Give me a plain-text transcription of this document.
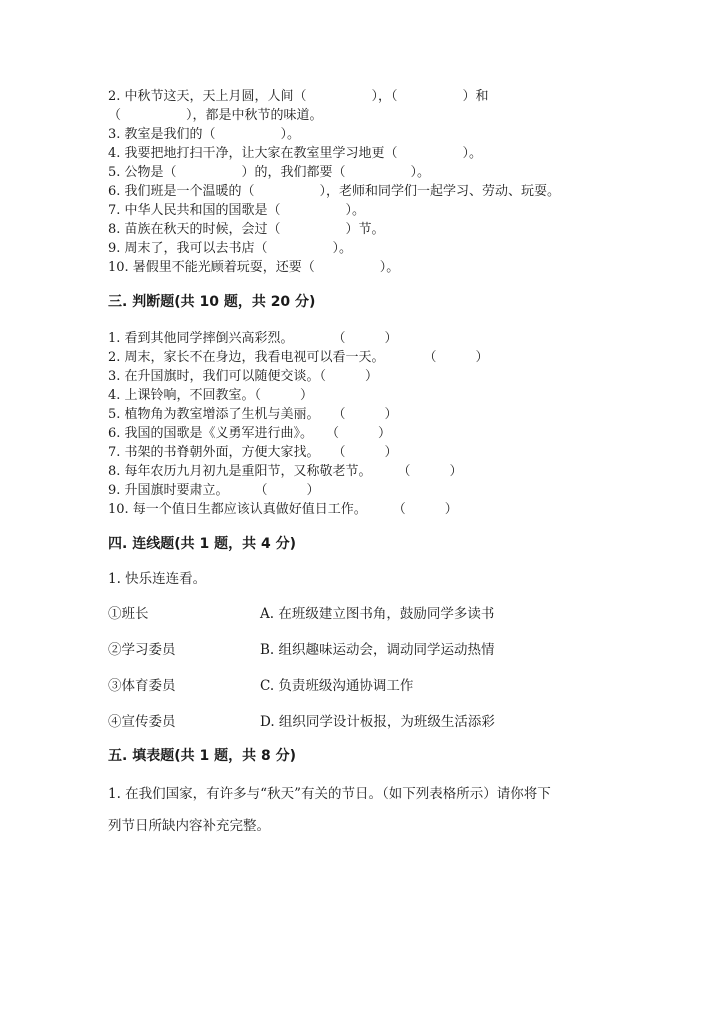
2. 中秋节这天，天上月圆，人间（　　　　　），（　　　　　）和
（　　　　　），都是中秋节的味道。
3. 教室是我们的（　　　　　）。
4. 我要把地打扫干净，让大家在教室里学习地更（　　　　　）。
5. 公物是（　　　　　）的，我们都要（　　　　　）。
6. 我们班是一个温暖的（　　　　　），老师和同学们一起学习、劳动、玩耍。
7. 中华人民共和国的国歌是（　　　　　）。
8. 苗族在秋天的时候，会过（　　　　　）节。
9. 周末了，我可以去书店（　　　　　）。
10. 暑假里不能光顾着玩耍，还要（　　　　　）。
三. 判断题(共 10 题，共 20 分)
1. 看到其他同学摔倒兴高彩烈。　　　　（　　　）
2. 周末，家长不在身边，我看电视可以看一天。　　　　（　　　）
3. 在升国旗时，我们可以随便交谈。（　　　）
4. 上课铃响，不回教室。（　　　）
5. 植物角为教室增添了生机与美丽。　　（　　　）
6. 我国的国歌是《义勇军进行曲》。　　（　　　）
7. 书架的书脊朝外面，方便大家找。　　（　　　）
8. 每年农历九月初九是重阳节，又称敬老节。　　　（　　　）
9. 升国旗时要肃立。　　　（　　　）
10. 每一个值日生都应该认真做好值日工作。　　　（　　　）
四. 连线题(共 1 题，共 4 分)
1. 快乐连连看。
①班长	A. 在班级建立图书角，鼓励同学多读书
②学习委员	B. 组织趣味运动会，调动同学运动热情
③体育委员	C. 负责班级沟通协调工作
④宣传委员	D. 组织同学设计板报，为班级生活添彩
五. 填表题(共 1 题，共 8 分)
1. 在我们国家，有许多与“秋天”有关的节日。（如下列表格所示）请你将下
列节日所缺内容补充完整。
